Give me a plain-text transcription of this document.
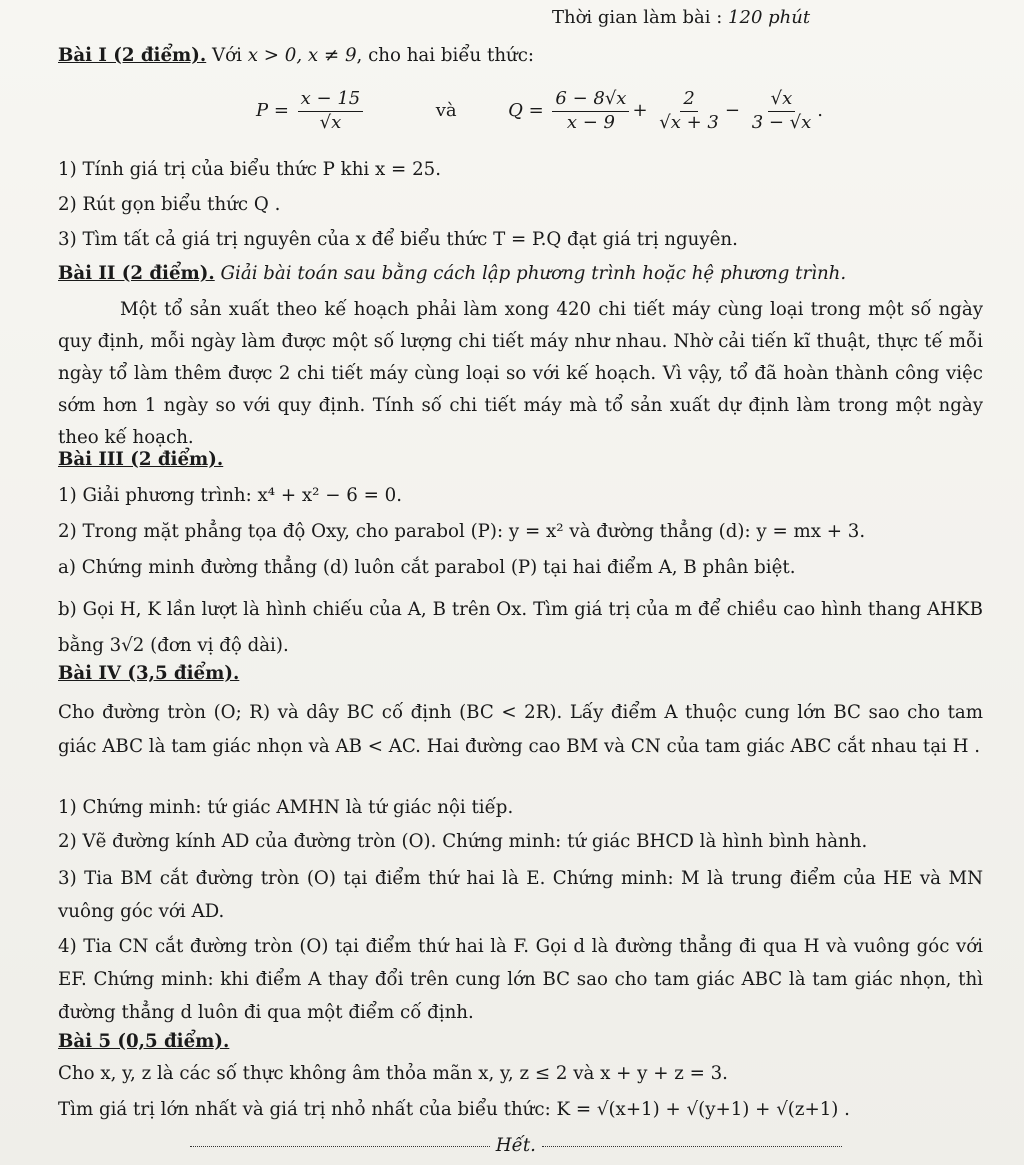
Thời gian làm bài : 120 phút
Bài I (2 điểm). Với x > 0, x ≠ 9, cho hai biểu thức:
$P = \frac{x - 15}{√x}$	và	$Q = \frac{6 - 8√x}{x - 9} + \frac{2}{√x + 3} - \frac{√x}{3 - √x}$ .
1) Tính giá trị của biểu thức P khi x = 25.
2) Rút gọn biểu thức Q .
3) Tìm tất cả giá trị nguyên của x để biểu thức T = P.Q đạt giá trị nguyên.
Bài II (2 điểm). Giải bài toán sau bằng cách lập phương trình hoặc hệ phương trình.
Một tổ sản xuất theo kế hoạch phải làm xong 420 chi tiết máy cùng loại trong một số ngày quy định, mỗi ngày làm được một số lượng chi tiết máy như nhau. Nhờ cải tiến kĩ thuật, thực tế mỗi ngày tổ làm thêm được 2 chi tiết máy cùng loại so với kế hoạch. Vì vậy, tổ đã hoàn thành công việc sớm hơn 1 ngày so với quy định. Tính số chi tiết máy mà tổ sản xuất dự định làm trong một ngày theo kế hoạch.
Bài III (2 điểm).
1) Giải phương trình: x⁴ + x² − 6 = 0.
2) Trong mặt phẳng tọa độ Oxy, cho parabol (P): y = x² và đường thẳng (d): y = mx + 3.
a) Chứng minh đường thẳng (d) luôn cắt parabol (P) tại hai điểm A, B phân biệt.
b) Gọi H, K lần lượt là hình chiếu của A, B trên Ox. Tìm giá trị của m để chiều cao hình thang AHKB bằng 3√2 (đơn vị độ dài).
Bài IV (3,5 điểm).
Cho đường tròn (O; R) và dây BC cố định (BC < 2R). Lấy điểm A thuộc cung lớn BC sao cho tam giác ABC là tam giác nhọn và AB < AC. Hai đường cao BM và CN của tam giác ABC cắt nhau tại H .
1) Chứng minh: tứ giác AMHN là tứ giác nội tiếp.
2) Vẽ đường kính AD của đường tròn (O). Chứng minh: tứ giác BHCD là hình bình hành.
3) Tia BM cắt đường tròn (O) tại điểm thứ hai là E. Chứng minh: M là trung điểm của HE và MN vuông góc với AD.
4) Tia CN cắt đường tròn (O) tại điểm thứ hai là F. Gọi d là đường thẳng đi qua H và vuông góc với EF. Chứng minh: khi điểm A thay đổi trên cung lớn BC sao cho tam giác ABC là tam giác nhọn, thì đường thẳng d luôn đi qua một điểm cố định.
Bài 5 (0,5 điểm).
Cho x, y, z là các số thực không âm thỏa mãn x, y, z ≤ 2 và x + y + z = 3.
Tìm giá trị lớn nhất và giá trị nhỏ nhất của biểu thức: K = √(x+1) + √(y+1) + √(z+1) .
Hết.
